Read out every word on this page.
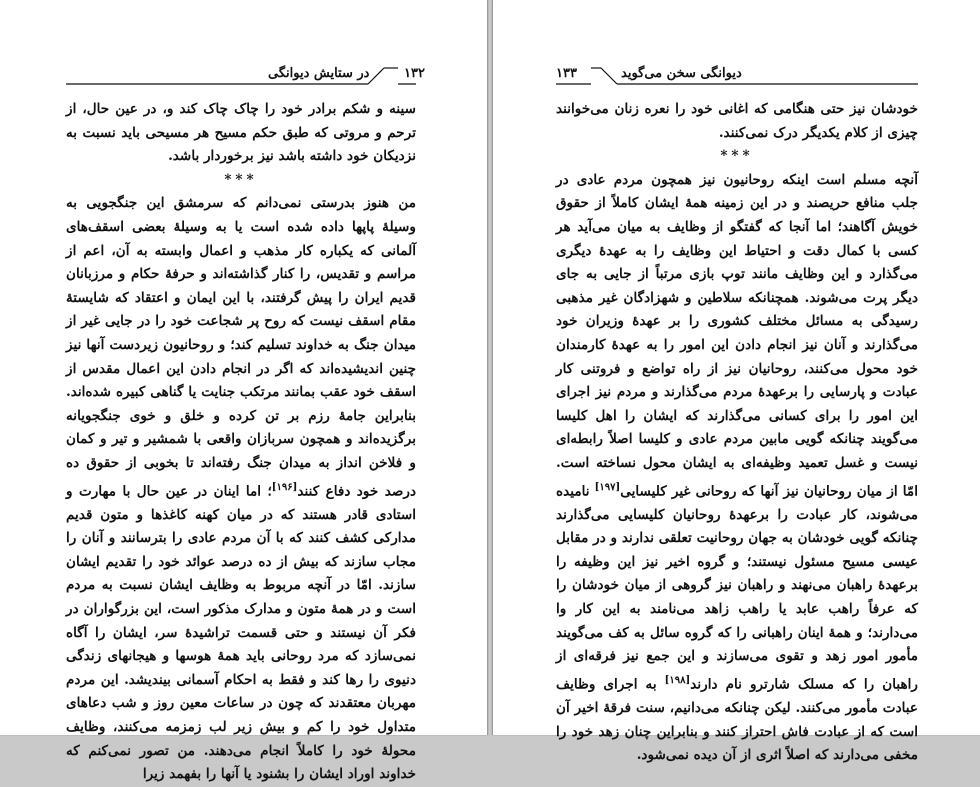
در ستایش دیوانگی	۱۳۲

سینه و شکم برادر خود را چاک چاک کند و، در عین حال، از ترحم و مروتی که طبق حکم مسیح هر مسیحی باید نسبت به نزدیکان خود داشته باشد نیز برخوردار باشد.

***

من هنوز بدرستی نمی‌دانم که سرمشق این جنگجویی به وسیلهٔ پاپها داده شده است یا به وسیلهٔ بعضی اسقف‌های آلمانی که یکباره کار مذهب و اعمال وابسته به آن، اعم از مراسم و تقدیس، را کنار گذاشته‌اند و حرفهٔ حکام و مرزبانان قدیم ایران را پیش گرفتند، با این ایمان و اعتقاد که شایستهٔ مقام اسقف نیست که روح پر شجاعت خود را در جایی غیر از میدان جنگ به خداوند تسلیم کند؛ و روحانیون زیردست آنها نیز چنین اندیشیده‌اند که اگر در انجام دادن این اعمال مقدس از اسقف خود عقب بمانند مرتکب جنایت یا گناهی کبیره شده‌اند. بنابراین جامهٔ رزم بر تن کرده و خلق و خوی جنگجویانه برگزیده‌اند و همچون سربازان واقعی با شمشیر و تیر و کمان و فلاخن انداز به میدان جنگ رفته‌اند تا بخوبی از حقوق ده درصد خود دفاع کنند[۱۹۶]؛ اما اینان در عین حال با مهارت و استادی قادر هستند که در میان کهنه کاغذها و متون قدیم مدارکی کشف کنند که با آن مردم عادی را بترسانند و آنان را مجاب سازند که بیش از ده درصد عوائد خود را تقدیم ایشان سازند. امّا در آنچه مربوط به وظایف ایشان نسبت به مردم است و در همهٔ متون و مدارک مذکور است، این بزرگواران در فکر آن نیستند و حتی قسمت تراشیدهٔ سر، ایشان را آگاه نمی‌سازد که مرد روحانی باید همهٔ هوسها و هیجانهای زندگی دنیوی را رها کند و فقط به احکام آسمانی بیندیشد. این مردم مهربان معتقدند که چون در ساعات معین روز و شب دعاهای متداول خود را کم و بیش زیر لب زمزمه می‌کنند، وظایف محولهٔ خود را کاملاً انجام می‌دهند. من تصور نمی‌کنم که خداوند اوراد ایشان را بشنود یا آنها را بفهمد زیرا

۱۳۳	دیوانگی سخن می‌گوید

خودشان نیز حتی هنگامی که اغانی خود را نعره زنان می‌خوانند چیزی از کلام یکدیگر درک نمی‌کنند.

***

آنچه مسلم است اینکه روحانیون نیز همچون مردم عادی در جلب منافع حریصند و در این زمینه همهٔ ایشان کاملاً از حقوق خویش آگاهند؛ اما آنجا که گفتگو از وظایف به میان می‌آید هر کسی با کمال دقت و احتیاط این وظایف را به عهدهٔ دیگری می‌گذارد و این وظایف مانند توپ بازی مرتباً از جایی به جای دیگر پرت می‌شوند. همچنانکه سلاطین و شهزادگان غیر مذهبی رسیدگی به مسائل مختلف کشوری را بر عهدهٔ وزیران خود می‌گذارند و آنان نیز انجام دادن این امور را به عهدهٔ کارمندان خود محول می‌کنند، روحانیان نیز از راه تواضع و فروتنی کار عبادت و پارسایی را برعهدهٔ مردم می‌گذارند و مردم نیز اجرای این امور را برای کسانی می‌گذارند که ایشان را اهل کلیسا می‌گویند چنانکه گویی مابین مردم عادی و کلیسا اصلاً رابطه‌ای نیست و غسل تعمید وظیفه‌ای به ایشان محول نساخته است. امّا از میان روحانیان نیز آنها که روحانی غیر کلیسایی[۱۹۷] نامیده می‌شوند، کار عبادت را برعهدهٔ روحانیان کلیسایی می‌گذارند چنانکه گویی خودشان به جهان روحانیت تعلقی ندارند و در مقابل عیسی مسیح مسئول نیستند؛ و گروه اخیر نیز این وظیفه را برعهدهٔ راهبان می‌نهند و راهبان نیز گروهی از میان خودشان را که عرفاً راهب عابد یا راهب زاهد می‌نامند به این کار وا می‌دارند؛ و همهٔ اینان راهبانی را که گروه سائل به کف می‌گویند مأمور امور زهد و تقوی می‌سازند و این جمع نیز فرقه‌ای از راهبان را که مسلک شارترو نام دارند[۱۹۸] به اجرای وظایف عبادت مأمور می‌کنند. لیکن چنانکه می‌دانیم، سنت فرقهٔ اخیر آن است که از عبادت فاش احتراز کنند و بنابراین چنان زهد خود را مخفی می‌دارند که اصلاً اثری از آن دیده نمی‌شود.
